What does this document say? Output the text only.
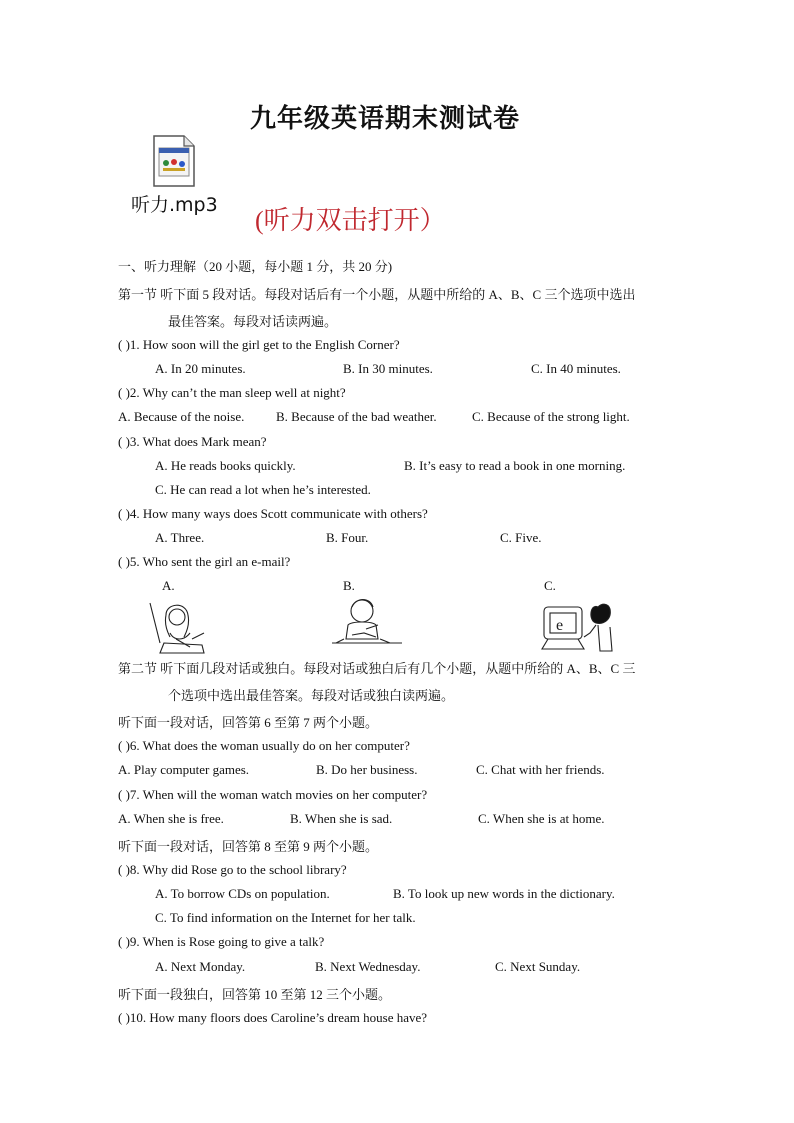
九年级英语期末测试卷
听力.mp3
(听力双击打开）
一、听力理解（20 小题，每小题 1 分，共 20 分)
第一节 听下面 5 段对话。每段对话后有一个小题，从题中所给的 A、B、C 三个选项中选出
最佳答案。每段对话读两遍。
( )1. How soon will the girl get to the English Corner?
A. In 20 minutes.	B. In 30 minutes.	C. In 40 minutes.
( )2. Why can’t the man sleep well at night?
A. Because of the noise. B. Because of the bad weather.	C. Because of the strong light.
( )3. What does Mark mean?
A. He reads books quickly.	B. It’s easy to read a book in one morning.
C. He can read a lot when he’s interested.
( )4. How many ways does Scott communicate with others?
A. Three.	B. Four.	C. Five.
( )5. Who sent the girl an e-mail?
A.	B.	C.
e
第二节 听下面几段对话或独白。每段对话或独白后有几个小题，从题中所给的 A、B、C 三
个选项中选出最佳答案。每段对话或独白读两遍。
听下面一段对话，回答第 6 至第 7 两个小题。
( )6. What does the woman usually do on her computer?
A. Play computer games.	B. Do her business.	C. Chat with her friends.
( )7. When will the woman watch movies on her computer?
A. When she is free.	B. When she is sad.	C. When she is at home.
听下面一段对话，回答第 8 至第 9 两个小题。
( )8. Why did Rose go to the school library?
A. To borrow CDs on population.	B. To look up new words in the dictionary.
C. To find information on the Internet for her talk.
( )9. When is Rose going to give a talk?
A. Next Monday.	B. Next Wednesday.	C. Next Sunday.
听下面一段独白，回答第 10 至第 12 三个小题。
( )10. How many floors does Caroline’s dream house have?
